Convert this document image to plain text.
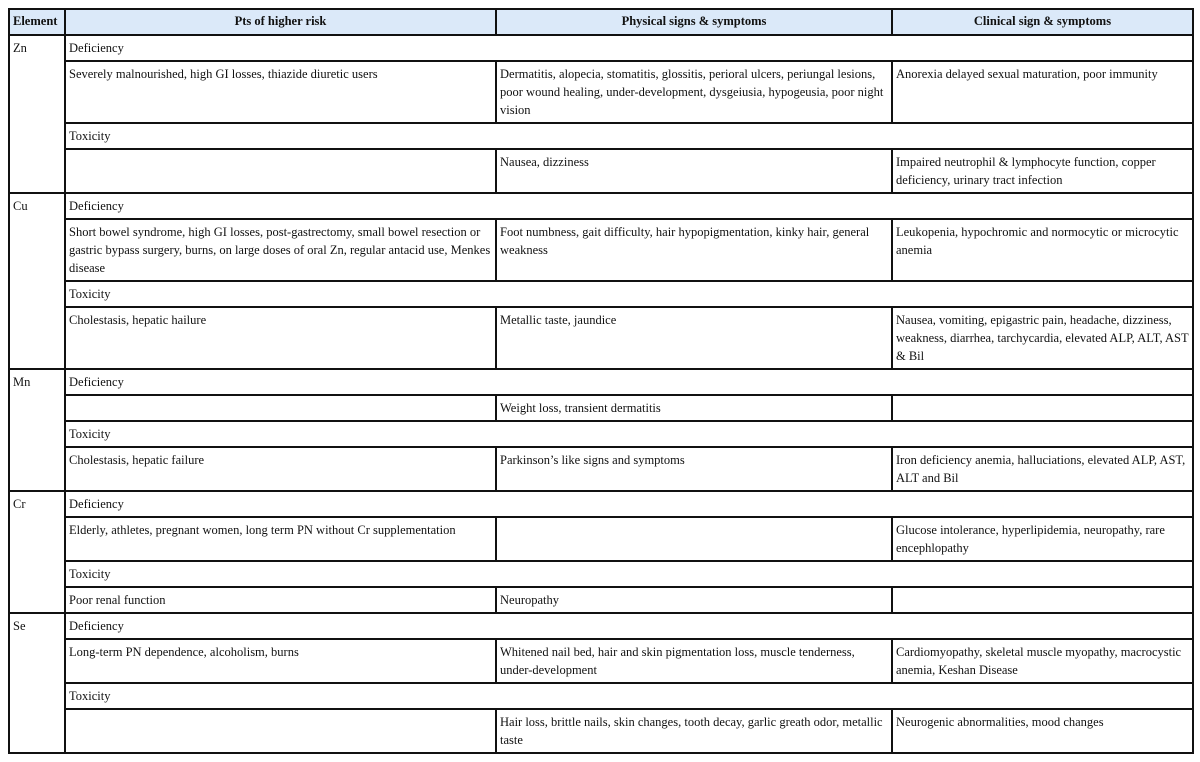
Element	Pts of higher risk	Physical signs & symptoms	Clinical sign & symptoms
Zn	Deficiency		
	Severely malnourished, high GI losses, thiazide diuretic users	Dermatitis, alopecia, stomatitis, glossitis, perioral ulcers, periungal lesions, poor wound healing, under-development, dysgeiusia, hypogeusia, poor night vision	Anorexia delayed sexual maturation, poor immunity
	Toxicity		
		Nausea, dizziness	Impaired neutrophil & lymphocyte function, copper deficiency, urinary tract infection
Cu	Deficiency		
	Short bowel syndrome, high GI losses, post-gastrectomy, small bowel resection or gastric bypass surgery, burns, on large doses of oral Zn, regular antacid use, Menkes disease	Foot numbness, gait difficulty, hair hypopigmentation, kinky hair, general weakness	Leukopenia, hypochromic and normocytic or microcytic anemia
	Toxicity		
	Cholestasis, hepatic hailure	Metallic taste, jaundice	Nausea, vomiting, epigastric pain, headache, dizziness, weakness, diarrhea, tarchycardia, elevated ALP, ALT, AST & Bil
Mn	Deficiency		
		Weight loss, transient dermatitis	
	Toxicity		
	Cholestasis, hepatic failure	Parkinson’s like signs and symptoms	Iron deficiency anemia, halluciations, elevated ALP, AST, ALT and Bil
Cr	Deficiency		
	Elderly, athletes, pregnant women, long term PN without Cr supplementation		Glucose intolerance, hyperlipidemia, neuropathy, rare encephlopathy
	Toxicity		
	Poor renal function	Neuropathy	
Se	Deficiency		
	Long-term PN dependence, alcoholism, burns	Whitened nail bed, hair and skin pigmentation loss, muscle tenderness, under-development	Cardiomyopathy, skeletal muscle myopathy, macrocystic anemia, Keshan Disease
	Toxicity		
		Hair loss, brittle nails, skin changes, tooth decay, garlic greath odor, metallic taste	Neurogenic abnormalities, mood changes
